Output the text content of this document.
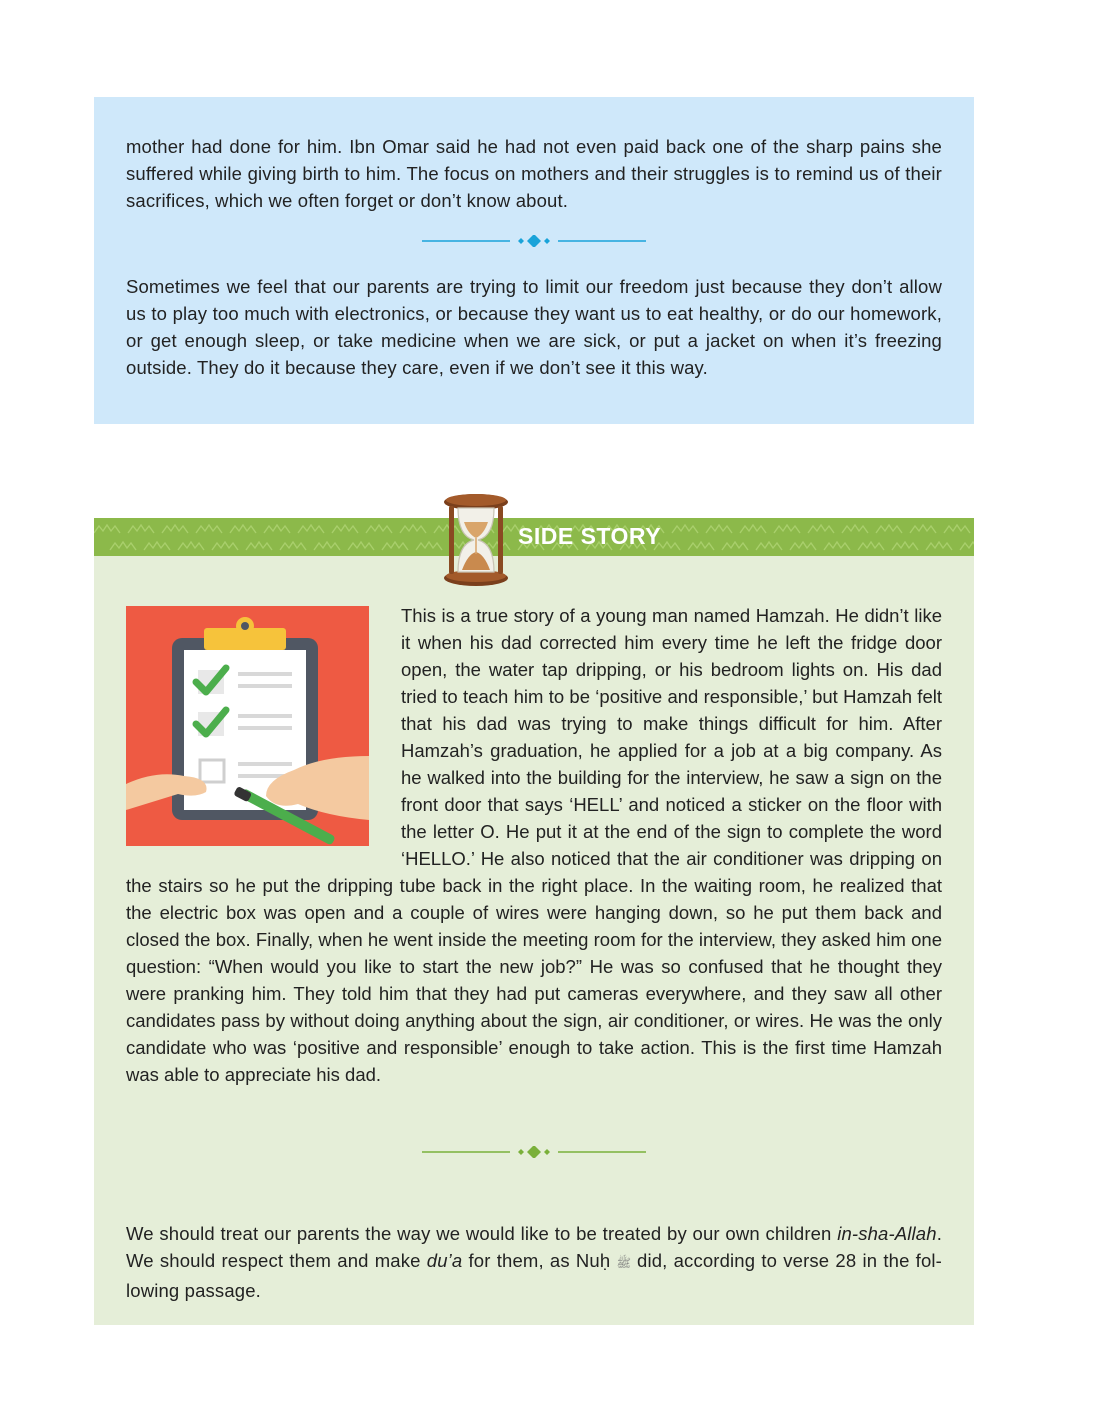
mother had done for him. Ibn Omar said he had not even paid back one of the sharp pains she suffered while giving birth to him. The focus on mothers and their struggles is to remind us of their sacrifices, which we often forget or don’t know about.

Sometimes we feel that our parents are trying to limit our freedom just because they don’t allow us to play too much with electronics, or because they want us to eat healthy, or do our homework, or get enough sleep, or take medicine when we are sick, or put a jacket on when it’s freezing outside. They do it because they care, even if we don’t see it this way.

SIDE STORY

This is a true story of a young man named Hamzah. He didn’t like it when his dad corrected him every time he left the fridge door open, the water tap dripping, or his bedroom lights on. His dad tried to teach him to be ‘positive and responsible,’ but Hamzah felt that his dad was trying to make things difficult for him. After Hamzah’s graduation, he applied for a job at a big company. As he walked into the building for the interview, he saw a sign on the front door that says ‘HELL’ and noticed a sticker on the floor with the letter O. He put it at the end of the sign to complete the word ‘HELLO.’ He also noticed that the air conditioner was dripping on the stairs so he put the dripping tube back in the right place. In the waiting room, he realized that the electric box was open and a couple of wires were hanging down, so he put them back and closed the box. Finally, when he went inside the meeting room for the interview, they asked him one question: “When would you like to start the new job?” He was so confused that he thought they were pranking him. They told him that they had put cameras everywhere, and they saw all other candidates pass by without doing anything about the sign, air conditioner, or wires. He was the only candidate who was ‘positive and responsible’ enough to take action. This is the first time Hamzah was able to appreciate his dad.

We should treat our parents the way we would like to be treated by our own children in-sha-Allah. We should respect them and make du’a for them, as Nuḥ ﷺ did, according to verse 28 in the fol-lowing passage.
